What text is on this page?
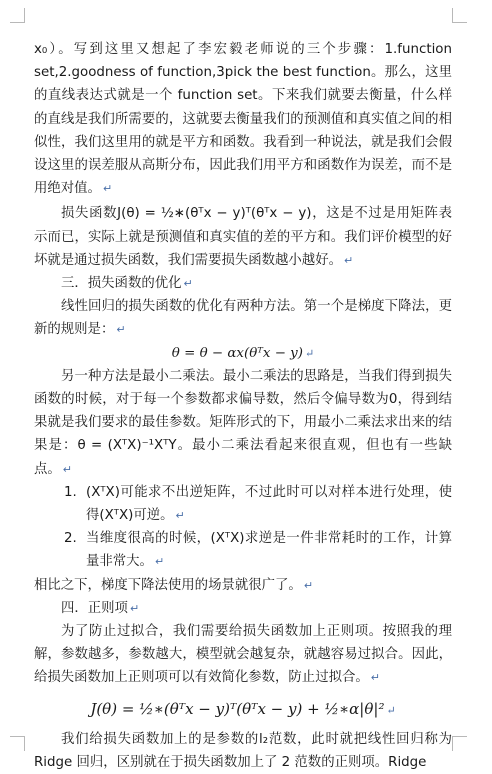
x₀）。写到这里又想起了李宏毅老师说的三个步骤：1.function set,2.goodness of function,3pick the best function。那么，这里的直线表达式就是一个 function set。下来我们就要去衡量，什么样的直线是我们所需要的，这就要去衡量我们的预测值和真实值之间的相似性，我们这里用的就是平方和函数。我看到一种说法，就是我们会假设这里的误差服从高斯分布，因此我们用平方和函数作为误差，而不是用绝对值。 ↵

损失函数J(θ) = ½∗(θᵀx − y)ᵀ(θᵀx − y)，这是不过是用矩阵表示而已，实际上就是预测值和真实值的差的平方和。我们评价模型的好坏就是通过损失函数，我们需要损失函数越小越好。 ↵

三．损失函数的优化 ↵

线性回归的损失函数的优化有两种方法。第一个是梯度下降法，更新的规则是： ↵

θ = θ − αx(θᵀx − y) ↵

另一种方法是最小二乘法。最小二乘法的思路是，当我们得到损失函数的时候，对于每一个参数都求偏导数，然后令偏导数为0，得到结果就是我们要求的最佳参数。矩阵形式的下，用最小二乘法求出来的结果是：θ = (XᵀX)⁻¹XᵀY。最小二乘法看起来很直观，但也有一些缺点。 ↵

1. (XᵀX)可能求不出逆矩阵，不过此时可以对样本进行处理，使得(XᵀX)可逆。 ↵

2. 当维度很高的时候，(XᵀX)求逆是一件非常耗时的工作，计算量非常大。 ↵

相比之下，梯度下降法使用的场景就很广了。 ↵

四．正则项 ↵

为了防止过拟合，我们需要给损失函数加上正则项。按照我的理解，参数越多，参数越大，模型就会越复杂，就越容易过拟合。因此，给损失函数加上正则项可以有效简化参数，防止过拟合。 ↵

J(θ) = ½∗(θᵀx − y)ᵀ(θᵀx − y) + ½∗α|θ|² ↵

我们给损失函数加上的是参数的l₂范数，此时就把线性回归称为 Ridge 回归，区别就在于损失函数加上了 2 范数的正则项。Ridge
